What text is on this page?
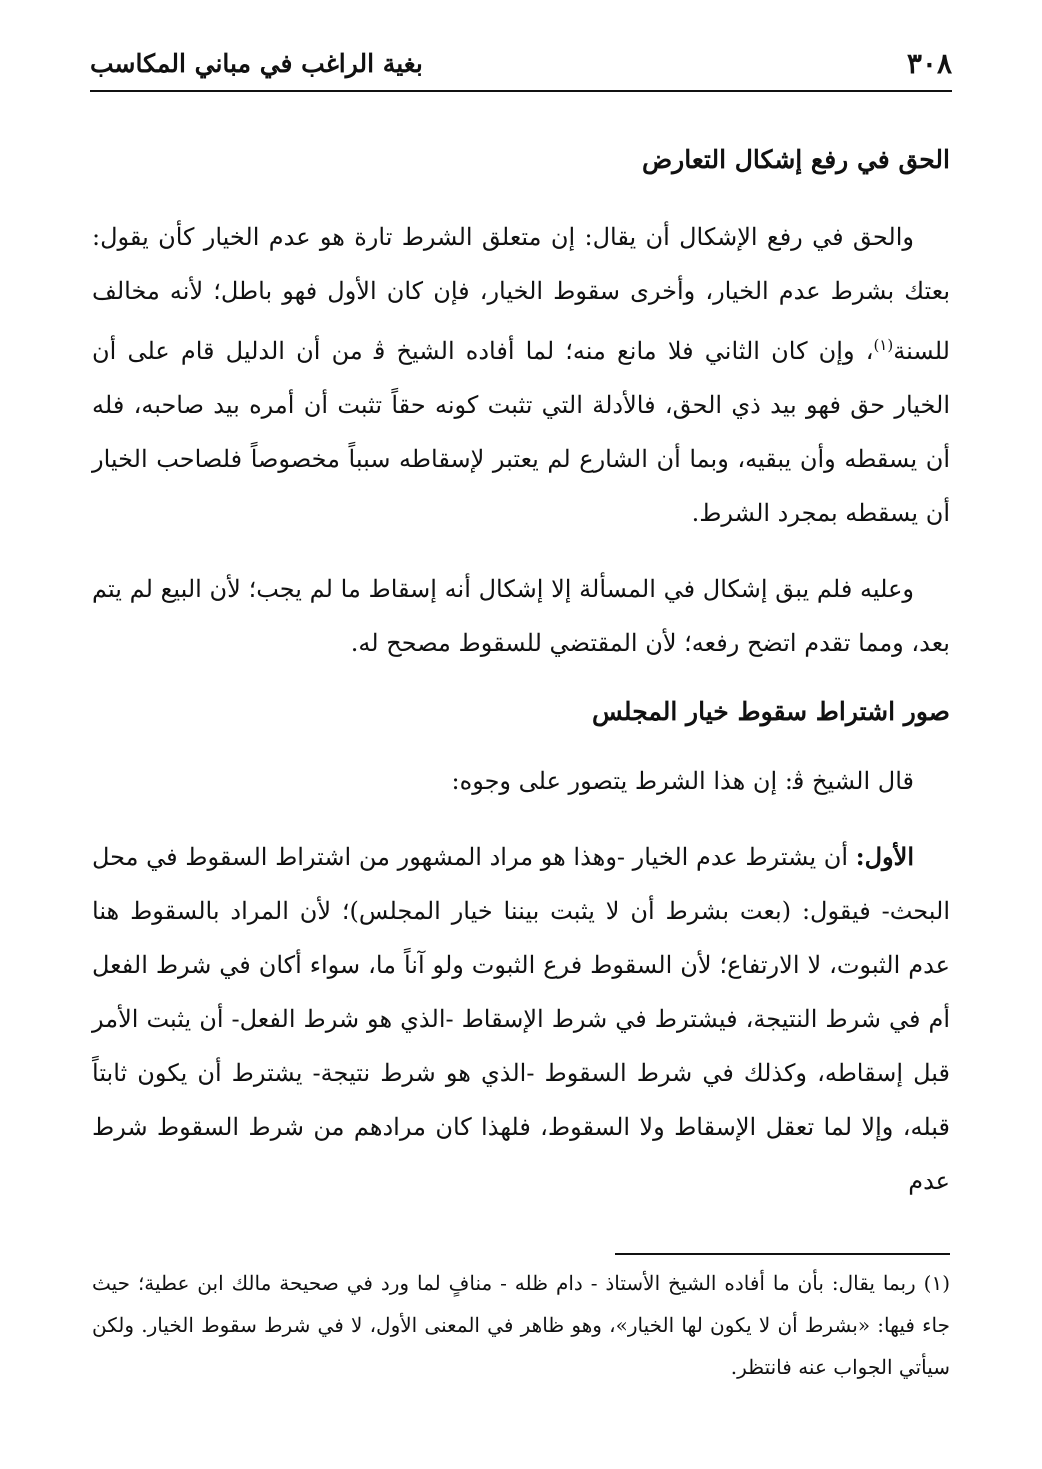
٣٠٨
بغية الراغب في مباني المكاسب
الحق في رفع إشكال التعارض

والحق في رفع الإشكال أن يقال: إن متعلق الشرط تارة هو عدم الخيار كأن يقول: بعتك بشرط عدم الخيار، وأخرى سقوط الخيار، فإن كان الأول فهو باطل؛ لأنه مخالف للسنة$^{(١)}$، وإن كان الثاني فلا مانع منه؛ لما أفاده الشيخ ﭬ من أن الدليل قام على أن الخيار حق فهو بيد ذي الحق، فالأدلة التي تثبت كونه حقاً تثبت أن أمره بيد صاحبه، فله أن يسقطه وأن يبقيه، وبما أن الشارع لم يعتبر لإسقاطه سبباً مخصوصاً فلصاحب الخيار أن يسقطه بمجرد الشرط.

وعليه فلم يبق إشكال في المسألة إلا إشكال أنه إسقاط ما لم يجب؛ لأن البيع لم يتم بعد، ومما تقدم اتضح رفعه؛ لأن المقتضي للسقوط مصحح له.

صور اشتراط سقوط خيار المجلس

قال الشيخ ﭬ: إن هذا الشرط يتصور على وجوه:

الأول: أن يشترط عدم الخيار -وهذا هو مراد المشهور من اشتراط السقوط في محل البحث- فيقول: (بعت بشرط أن لا يثبت بيننا خيار المجلس)؛ لأن المراد بالسقوط هنا عدم الثبوت، لا الارتفاع؛ لأن السقوط فرع الثبوت ولو آناً ما، سواء أكان في شرط الفعل أم في شرط النتيجة، فيشترط في شرط الإسقاط -الذي هو شرط الفعل- أن يثبت الأمر قبل إسقاطه، وكذلك في شرط السقوط -الذي هو شرط نتيجة- يشترط أن يكون ثابتاً قبله، وإلا لما تعقل الإسقاط ولا السقوط، فلهذا كان مرادهم من شرط السقوط شرط عدم

(١) ربما يقال: بأن ما أفاده الشيخ الأستاذ - دام ظله - منافٍ لما ورد في صحيحة مالك ابن عطية؛ حيث جاء فيها: «بشرط أن لا يكون لها الخيار»، وهو ظاهر في المعنى الأول، لا في شرط سقوط الخيار. ولكن سيأتي الجواب عنه فانتظر.
